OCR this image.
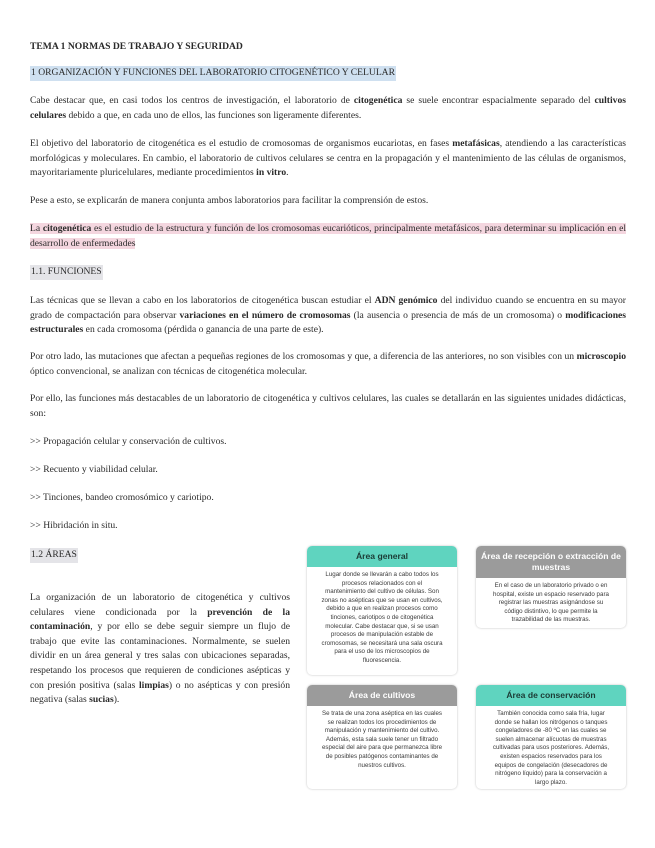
TEMA 1 NORMAS DE TRABAJO Y SEGURIDAD
1 ORGANIZACIÓN Y FUNCIONES DEL LABORATORIO CITOGENÉTICO Y CELULAR
Cabe destacar que, en casi todos los centros de investigación, el laboratorio de citogenética se suele encontrar espacialmente separado del cultivos celulares debido a que, en cada uno de ellos, las funciones son ligeramente diferentes.
El objetivo del laboratorio de citogenética es el estudio de cromosomas de organismos eucariotas, en fases metafásicas, atendiendo a las características morfológicas y moleculares. En cambio, el laboratorio de cultivos celulares se centra en la propagación y el mantenimiento de las células de organismos, mayoritariamente pluricelulares, mediante procedimientos in vitro.
Pese a esto, se explicarán de manera conjunta ambos laboratorios para facilitar la comprensión de estos.
La citogenética es el estudio de la estructura y función de los cromosomas eucarióticos, principalmente metafásicos, para determinar su implicación en el desarrollo de enfermedades
1.1. FUNCIONES
Las técnicas que se llevan a cabo en los laboratorios de citogenética buscan estudiar el ADN genómico del individuo cuando se encuentra en su mayor grado de compactación para observar variaciones en el número de cromosomas (la ausencia o presencia de más de un cromosoma) o modificaciones estructurales en cada cromosoma (pérdida o ganancia de una parte de este).
Por otro lado, las mutaciones que afectan a pequeñas regiones de los cromosomas y que, a diferencia de las anteriores, no son visibles con un microscopio óptico convencional, se analizan con técnicas de citogenética molecular.
Por ello, las funciones más destacables de un laboratorio de citogenética y cultivos celulares, las cuales se detallarán en las siguientes unidades didácticas, son:
>> Propagación celular y conservación de cultivos.
>> Recuento y viabilidad celular.
>> Tinciones, bandeo cromosómico y cariotipo.
>> Hibridación in situ.
1.2 ÁREAS
La organización de un laboratorio de citogenética y cultivos celulares viene condicionada por la prevención de la contaminación, y por ello se debe seguir siempre un flujo de trabajo que evite las contaminaciones. Normalmente, se suelen dividir en un área general y tres salas con ubicaciones separadas, respetando los procesos que requieren de condiciones asépticas y con presión positiva (salas limpias) o no asépticas y con presión negativa (salas sucias).
Área general
Lugar donde se llevarán a cabo todos los procesos relacionados con el mantenimiento del cultivo de células. Son zonas no asépticas que se usan en cultivos, debido a que en realizan procesos como tinciones, cariotipos o de citogenética molecular. Cabe destacar que, si se usan procesos de manipulación estable de cromosomas, se necesitará una sala oscura para el uso de los microscopios de fluorescencia.
Área de recepción o extracción de muestras
En el caso de un laboratorio privado o en hospital, existe un espacio reservado para registrar las muestras asignándose su código distintivo, lo que permite la trazabilidad de las muestras.
Área de cultivos
Se trata de una zona aséptica en las cuales se realizan todos los procedimientos de manipulación y mantenimiento del cultivo. Además, esta sala suele tener un filtrado especial del aire para que permanezca libre de posibles patógenos contaminantes de nuestros cultivos.
Área de conservación
También conocida como sala fría, lugar donde se hallan los nitrógenos o tanques congeladores de -80 ºC en las cuales se suelen almacenar alícuotas de muestras cultivadas para usos posteriores. Además, existen espacios reservados para los equipos de congelación (desecadores de nitrógeno líquido) para la conservación a largo plazo.
